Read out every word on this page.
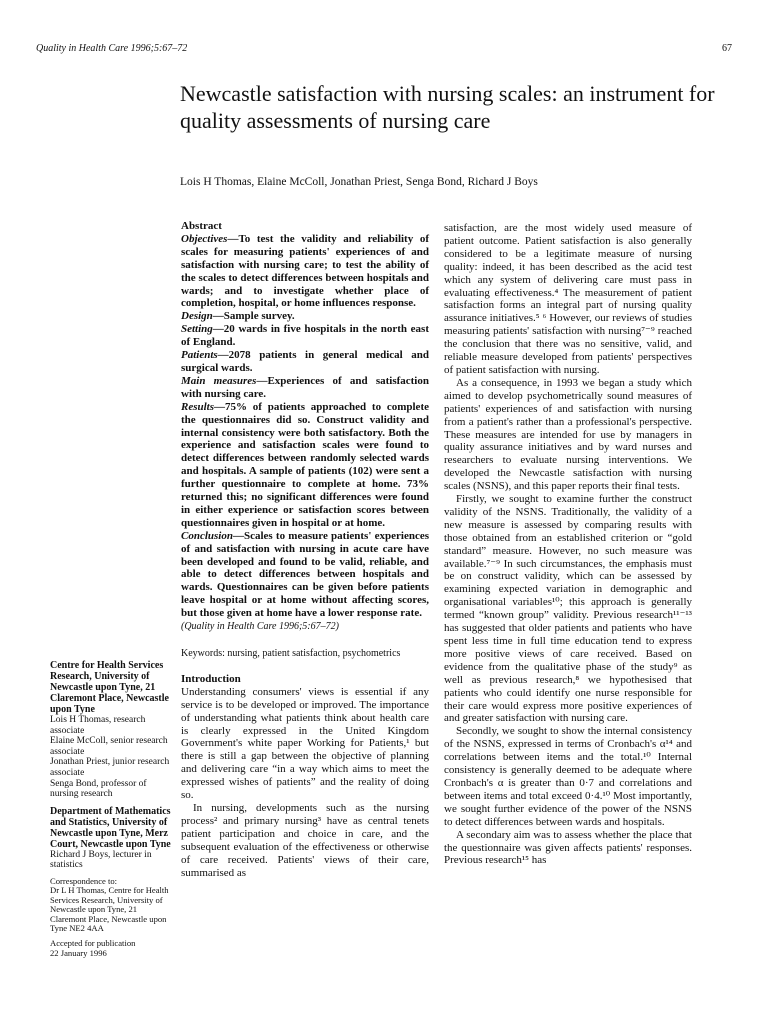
Quality in Health Care 1996;5:67–72	67
Newcastle satisfaction with nursing scales: an instrument for quality assessments of nursing care
Lois H Thomas, Elaine McColl, Jonathan Priest, Senga Bond, Richard J Boys

Centre for Health Services Research, University of Newcastle upon Tyne, 21 Claremont Place, Newcastle upon Tyne

Lois H Thomas, research associate

Elaine McColl, senior research associate

Jonathan Priest, junior research associate

Senga Bond, professor of nursing research

Department of Mathematics and Statistics, University of Newcastle upon Tyne, Merz Court, Newcastle upon Tyne

Richard J Boys, lecturer in statistics

Correspondence to:

Dr L H Thomas, Centre for Health Services Research, University of Newcastle upon Tyne, 21 Claremont Place, Newcastle upon Tyne NE2 4AA

Accepted for publication

22 January 1996

Abstract

Objectives—To test the validity and reliability of scales for measuring patients' experiences of and satisfaction with nursing care; to test the ability of the scales to detect differences between hospitals and wards; and to investigate whether place of completion, hospital, or home influences response.

Design—Sample survey.

Setting—20 wards in five hospitals in the north east of England.

Patients—2078 patients in general medical and surgical wards.

Main measures—Experiences of and satisfaction with nursing care.

Results—75% of patients approached to complete the questionnaires did so. Construct validity and internal consistency were both satisfactory. Both the experience and satisfaction scales were found to detect differences between randomly selected wards and hospitals. A sample of patients (102) were sent a further questionnaire to complete at home. 73% returned this; no significant differences were found in either experience or satisfaction scores between questionnaires given in hospital or at home.

Conclusion—Scales to measure patients' experiences of and satisfaction with nursing in acute care have been developed and found to be valid, reliable, and able to detect differences between hospitals and wards. Questionnaires can be given before patients leave hospital or at home without affecting scores, but those given at home have a lower response rate.

(Quality in Health Care 1996;5:67–72)

Keywords: nursing, patient satisfaction, psychometrics

Introduction

Understanding consumers' views is essential if any service is to be developed or improved. The importance of understanding what patients think about health care is clearly expressed in the United Kingdom Government's white paper Working for Patients,¹ but there is still a gap between the objective of planning and delivering care “in a way which aims to meet the expressed wishes of patients” and the reality of doing so.

In nursing, developments such as the nursing process² and primary nursing³ have as central tenets patient participation and choice in care, and the subsequent evaluation of the effectiveness or otherwise of care received. Patients' views of their care, summarised as

satisfaction, are the most widely used measure of patient outcome. Patient satisfaction is also generally considered to be a legitimate measure of nursing quality: indeed, it has been described as the acid test which any system of delivering care must pass in evaluating effectiveness.⁴ The measurement of patient satisfaction forms an integral part of nursing quality assurance initiatives.⁵ ⁶ However, our reviews of studies measuring patients' satisfaction with nursing⁷⁻⁹ reached the conclusion that there was no sensitive, valid, and reliable measure developed from patients' perspectives of patient satisfaction with nursing.

As a consequence, in 1993 we began a study which aimed to develop psychometrically sound measures of patients' experiences of and satisfaction with nursing from a patient's rather than a professional's perspective. These measures are intended for use by managers in quality assurance initiatives and by ward nurses and researchers to evaluate nursing interventions. We developed the Newcastle satisfaction with nursing scales (NSNS), and this paper reports their final tests.

Firstly, we sought to examine further the construct validity of the NSNS. Traditionally, the validity of a new measure is assessed by comparing results with those obtained from an established criterion or “gold standard” measure. However, no such measure was available.⁷⁻⁹ In such circumstances, the emphasis must be on construct validity, which can be assessed by examining expected variation in demographic and organisational variables¹⁰; this approach is generally termed “known group” validity. Previous research¹¹⁻¹³ has suggested that older patients and patients who have spent less time in full time education tend to express more positive views of care received. Based on evidence from the qualitative phase of the study⁹ as well as previous research,⁸ we hypothesised that patients who could identify one nurse responsible for their care would express more positive experiences of and greater satisfaction with nursing care.

Secondly, we sought to show the internal consistency of the NSNS, expressed in terms of Cronbach's α¹⁴ and correlations between items and the total.¹⁰ Internal consistency is generally deemed to be adequate where Cronbach's α is greater than 0·7 and correlations and between items and total exceed 0·4.¹⁰ Most importantly, we sought further evidence of the power of the NSNS to detect differences between wards and hospitals.

A secondary aim was to assess whether the place that the questionnaire was given affects patients' responses. Previous research¹⁵ has
